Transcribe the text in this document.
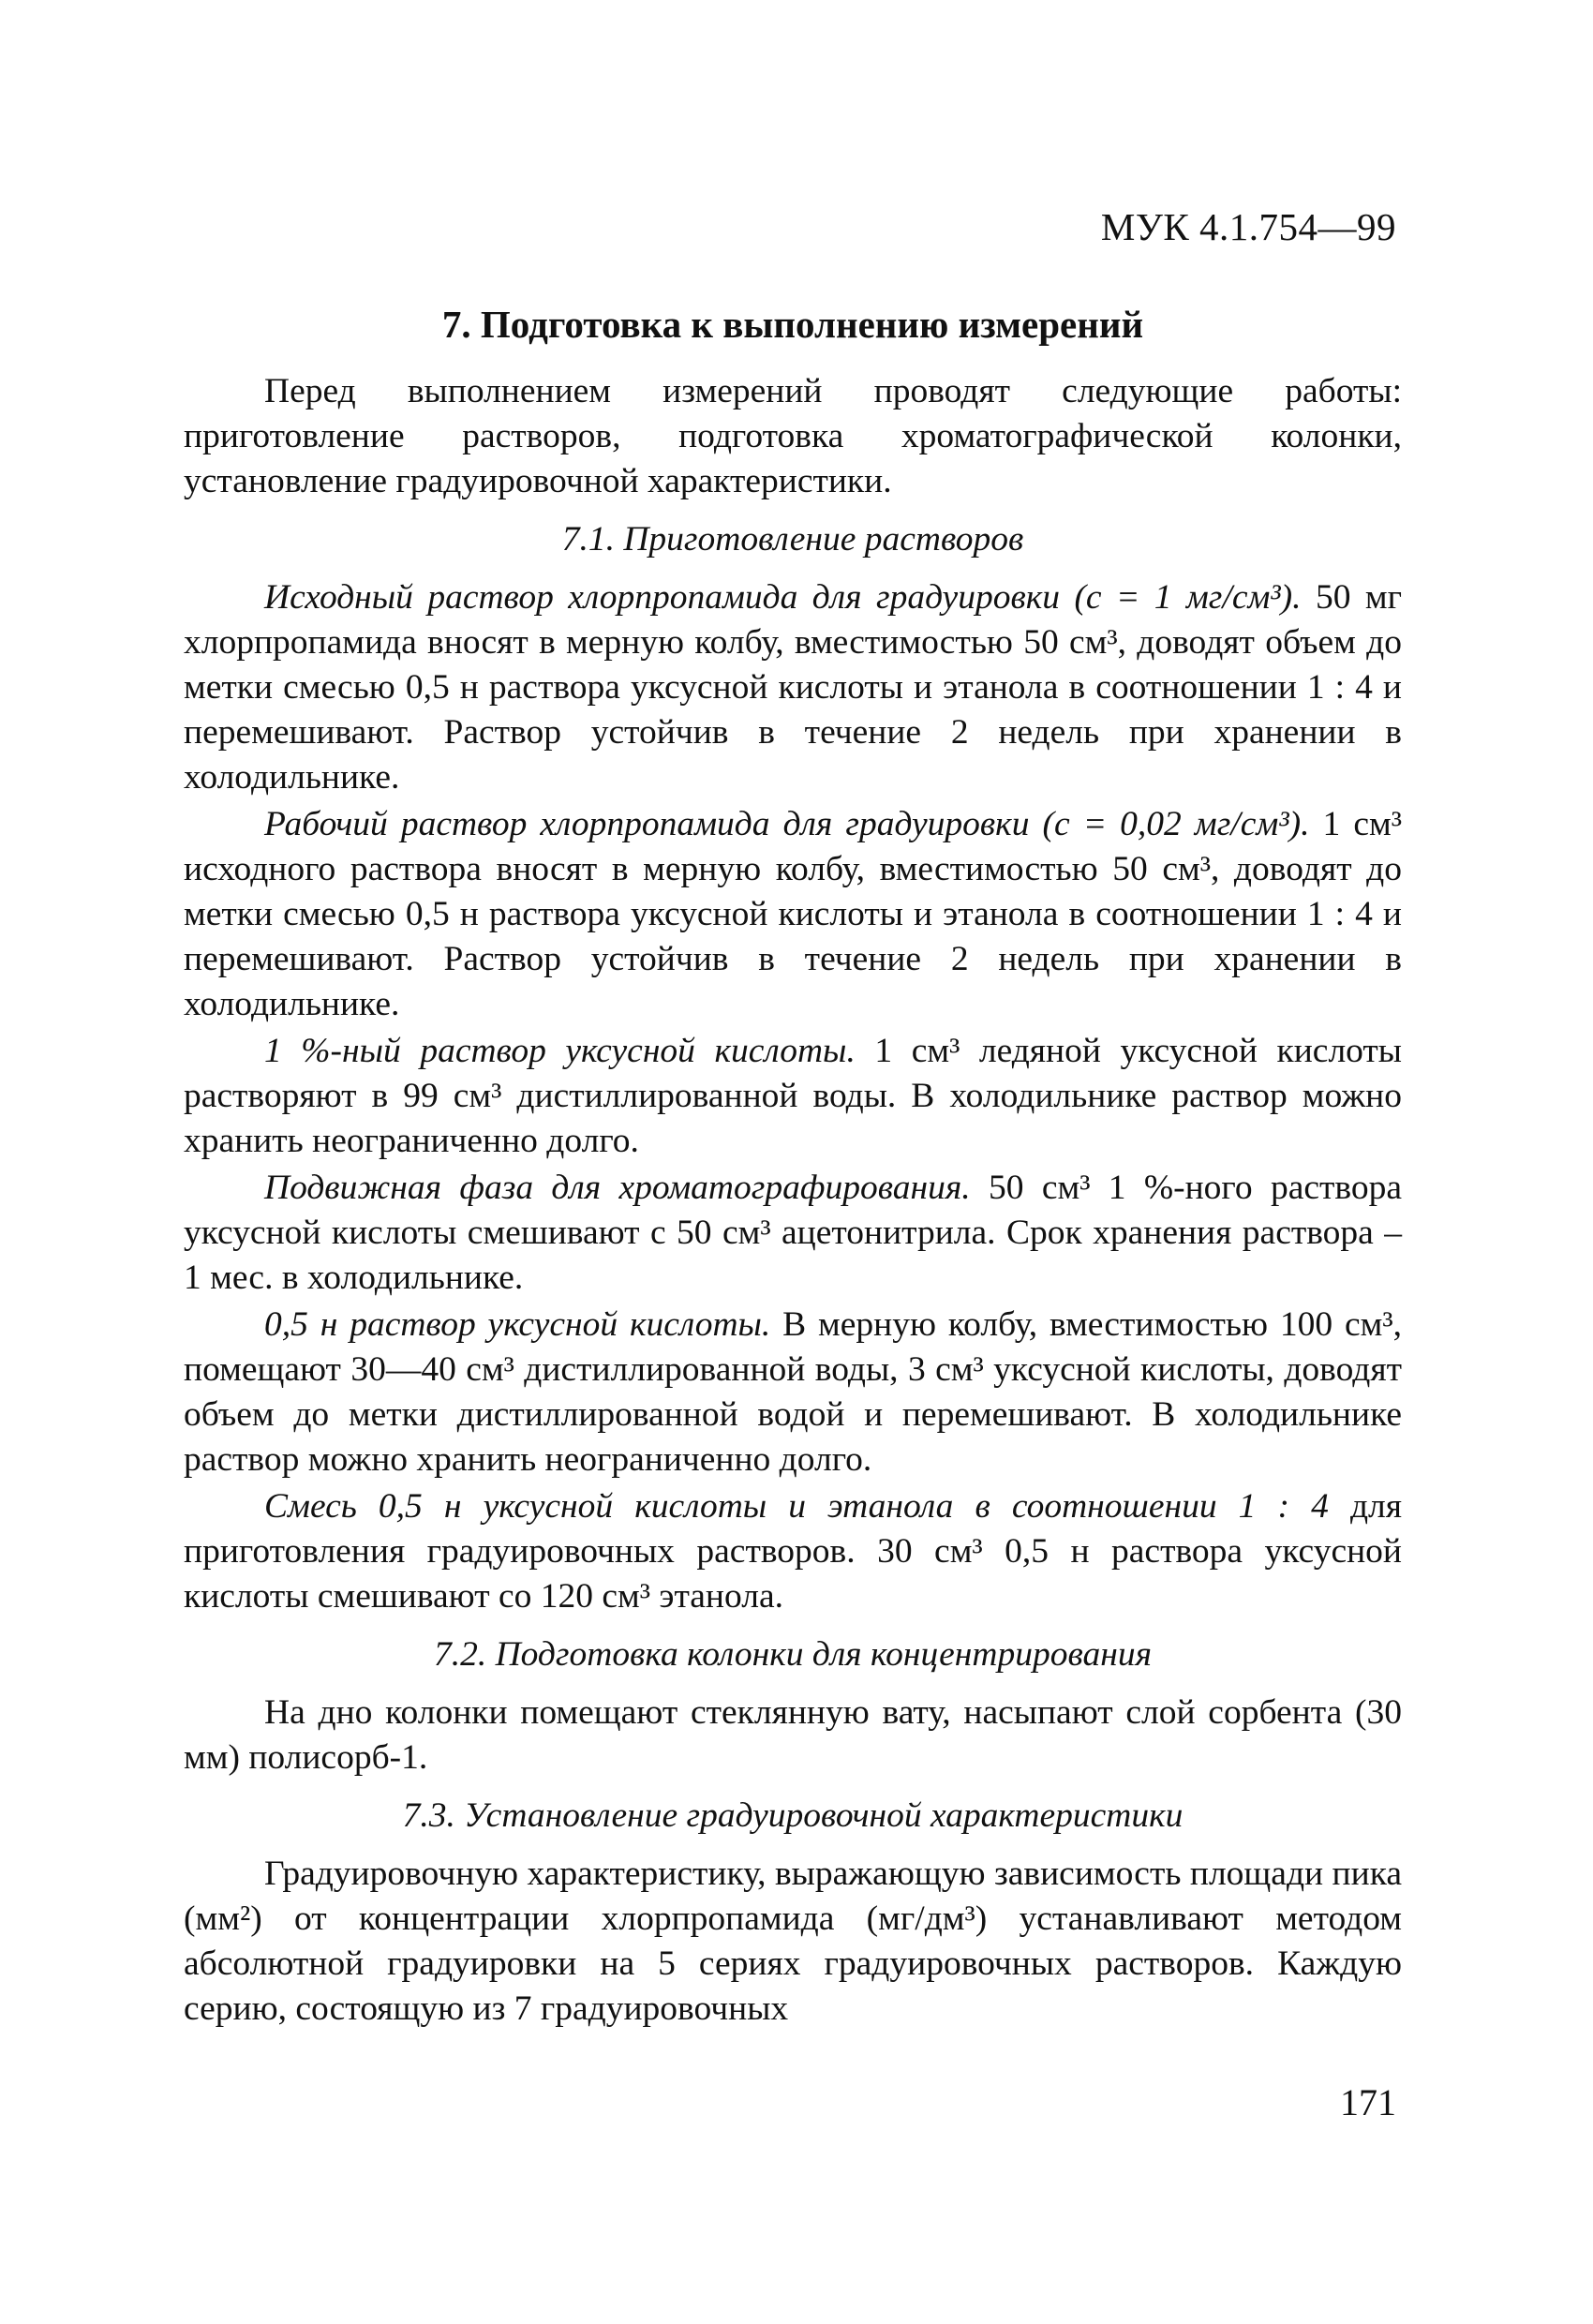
МУК 4.1.754—99
7. Подготовка к выполнению измерений

Перед выполнением измерений проводят следующие работы: приготовление растворов, подготовка хроматографической колонки, установление градуировочной характеристики.

7.1. Приготовление растворов

Исходный раствор хлорпропамида для градуировки (с = 1 мг/см³). 50 мг хлорпропамида вносят в мерную колбу, вместимостью 50 см³, доводят объем до метки смесью 0,5 н раствора уксусной кислоты и этанола в соотношении 1 : 4 и перемешивают. Раствор устойчив в течение 2 недель при хранении в холодильнике.

Рабочий раствор хлорпропамида для градуировки (с = 0,02 мг/см³). 1 см³ исходного раствора вносят в мерную колбу, вместимостью 50 см³, доводят до метки смесью 0,5 н раствора уксусной кислоты и этанола в соотношении 1 : 4 и перемешивают. Раствор устойчив в течение 2 недель при хранении в холодильнике.

1 %-ный раствор уксусной кислоты. 1 см³ ледяной уксусной кислоты растворяют в 99 см³ дистиллированной воды. В холодильнике раствор можно хранить неограниченно долго.

Подвижная фаза для хроматографирования. 50 см³ 1 %-ного раствора уксусной кислоты смешивают с 50 см³ ацетонитрила. Срок хранения раствора – 1 мес. в холодильнике.

0,5 н раствор уксусной кислоты. В мерную колбу, вместимостью 100 см³, помещают 30—40 см³ дистиллированной воды, 3 см³ уксусной кислоты, доводят объем до метки дистиллированной водой и перемешивают. В холодильнике раствор можно хранить неограниченно долго.

Смесь 0,5 н уксусной кислоты и этанола в соотношении 1 : 4 для приготовления градуировочных растворов. 30 см³ 0,5 н раствора уксусной кислоты смешивают со 120 см³ этанола.

7.2. Подготовка колонки для концентрирования

На дно колонки помещают стеклянную вату, насыпают слой сорбента (30 мм) полисорб-1.

7.3. Установление градуировочной характеристики

Градуировочную характеристику, выражающую зависимость площади пика (мм²) от концентрации хлорпропамида (мг/дм³) устанавливают методом абсолютной градуировки на 5 сериях градуировочных растворов. Каждую серию, состоящую из 7 градуировочных

171
